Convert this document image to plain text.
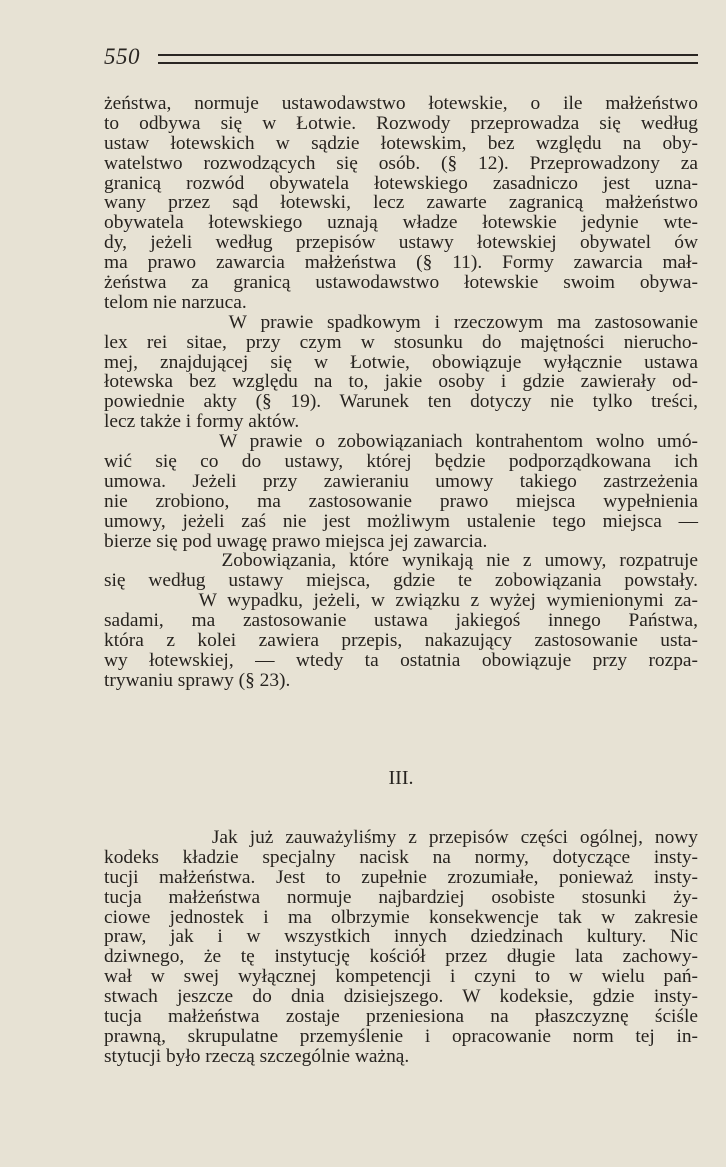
550
żeństwa, normuje ustawodawstwo łotewskie, o ile małżeństwo
to odbywa się w Łotwie. Rozwody przeprowadza się według
ustaw łotewskich w sądzie łotewskim, bez względu na oby-
watelstwo rozwodzących się osób. (§ 12). Przeprowadzony za
granicą rozwód obywatela łotewskiego zasadniczo jest uzna-
wany przez sąd łotewski, lecz zawarte zagranicą małżeństwo
obywatela łotewskiego uznają władze łotewskie jedynie wte-
dy, jeżeli według przepisów ustawy łotewskiej obywatel ów
ma prawo zawarcia małżeństwa (§ 11). Formy zawarcia mał-
żeństwa za granicą ustawodawstwo łotewskie swoim obywa-
telom nie narzuca.
W prawie spadkowym i rzeczowym ma zastosowanie
lex rei sitae, przy czym w stosunku do majętności nierucho-
mej, znajdującej się w Łotwie, obowiązuje wyłącznie ustawa
łotewska bez względu na to, jakie osoby i gdzie zawierały od-
powiednie akty (§ 19). Warunek ten dotyczy nie tylko treści,
lecz także i formy aktów.
W prawie o zobowiązaniach kontrahentom wolno umó-
wić się co do ustawy, której będzie podporządkowana ich
umowa. Jeżeli przy zawieraniu umowy takiego zastrzeżenia
nie zrobiono, ma zastosowanie prawo miejsca wypełnienia
umowy, jeżeli zaś nie jest możliwym ustalenie tego miejsca —
bierze się pod uwagę prawo miejsca jej zawarcia.
Zobowiązania, które wynikają nie z umowy, rozpatruje
się według ustawy miejsca, gdzie te zobowiązania powstały.
W wypadku, jeżeli, w związku z wyżej wymienionymi za-
sadami, ma zastosowanie ustawa jakiegoś innego Państwa,
która z kolei zawiera przepis, nakazujący zastosowanie usta-
wy łotewskiej, — wtedy ta ostatnia obowiązuje przy rozpa-
trywaniu sprawy (§ 23).
III.
Jak już zauważyliśmy z przepisów części ogólnej, nowy
kodeks kładzie specjalny nacisk na normy, dotyczące insty-
tucji małżeństwa. Jest to zupełnie zrozumiałe, ponieważ insty-
tucja małżeństwa normuje najbardziej osobiste stosunki ży-
ciowe jednostek i ma olbrzymie konsekwencje tak w zakresie
praw, jak i w wszystkich innych dziedzinach kultury. Nic
dziwnego, że tę instytucję kościół przez długie lata zachowy-
wał w swej wyłącznej kompetencji i czyni to w wielu pań-
stwach jeszcze do dnia dzisiejszego. W kodeksie, gdzie insty-
tucja małżeństwa zostaje przeniesiona na płaszczyznę ściśle
prawną, skrupulatne przemyślenie i opracowanie norm tej in-
stytucji było rzeczą szczególnie ważną.
